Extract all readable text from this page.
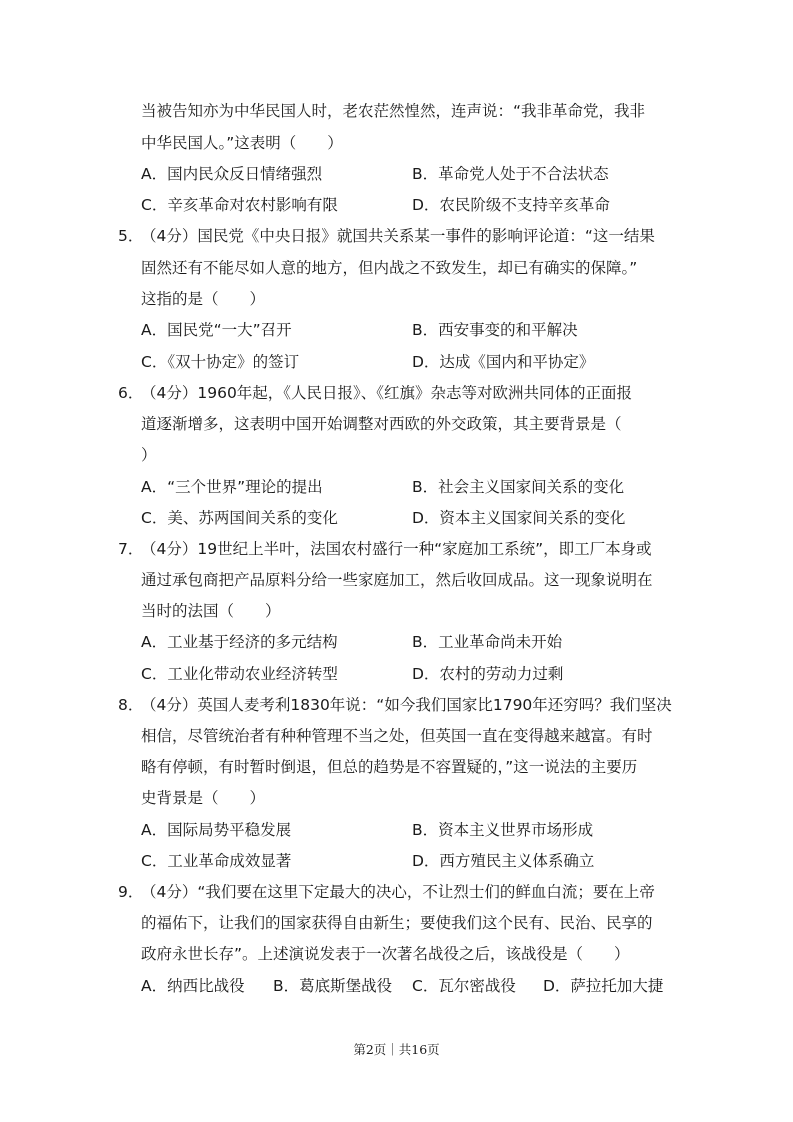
当被告知亦为中华民国人时，老农茫然惶然，连声说：“我非革命党，我非
中华民国人。”这表明（　　）
A．国内民众反日情绪强烈	B．革命党人处于不合法状态
C．辛亥革命对农村影响有限	D．农民阶级不支持辛亥革命
5．
（4分）国民党《中央日报》就国共关系某一事件的影响评论道：“这一结果
固然还有不能尽如人意的地方，但内战之不致发生，却已有确实的保障。”
这指的是（　　）
A．国民党“一大”召开	B．西安事变的和平解决
C．《双十协定》的签订	D．达成《国内和平协定》
6．
（4分）1960年起，《人民日报》、《红旗》杂志等对欧洲共同体的正面报
道逐渐增多，这表明中国开始调整对西欧的外交政策，其主要背景是（
）
A．“三个世界”理论的提出	B．社会主义国家间关系的变化
C．美、苏两国间关系的变化	D．资本主义国家间关系的变化
7．
（4分）19世纪上半叶，法国农村盛行一种“家庭加工系统”，即工厂本身或
通过承包商把产品原料分给一些家庭加工，然后收回成品。这一现象说明在
当时的法国（　　）
A．工业基于经济的多元结构	B．工业革命尚未开始
C．工业化带动农业经济转型	D．农村的劳动力过剩
8．
（4分）英国人麦考利1830年说：“如今我们国家比1790年还穷吗？我们坚决
相信，尽管统治者有种种管理不当之处，但英国一直在变得越来越富。有时
略有停顿，有时暂时倒退，但总的趋势是不容置疑的，”这一说法的主要历
史背景是（　　）
A．国际局势平稳发展	B．资本主义世界市场形成
C．工业革命成效显著	D．西方殖民主义体系确立
9．
（4分）“我们要在这里下定最大的决心，不让烈士们的鲜血白流；要在上帝
的福佑下，让我们的国家获得自由新生；要使我们这个民有、民治、民享的
政府永世长存”。上述演说发表于一次著名战役之后，该战役是（　　）
A．纳西比战役 B．葛底斯堡战役 C．瓦尔密战役 D．萨拉托加大捷
第2页｜共16页
